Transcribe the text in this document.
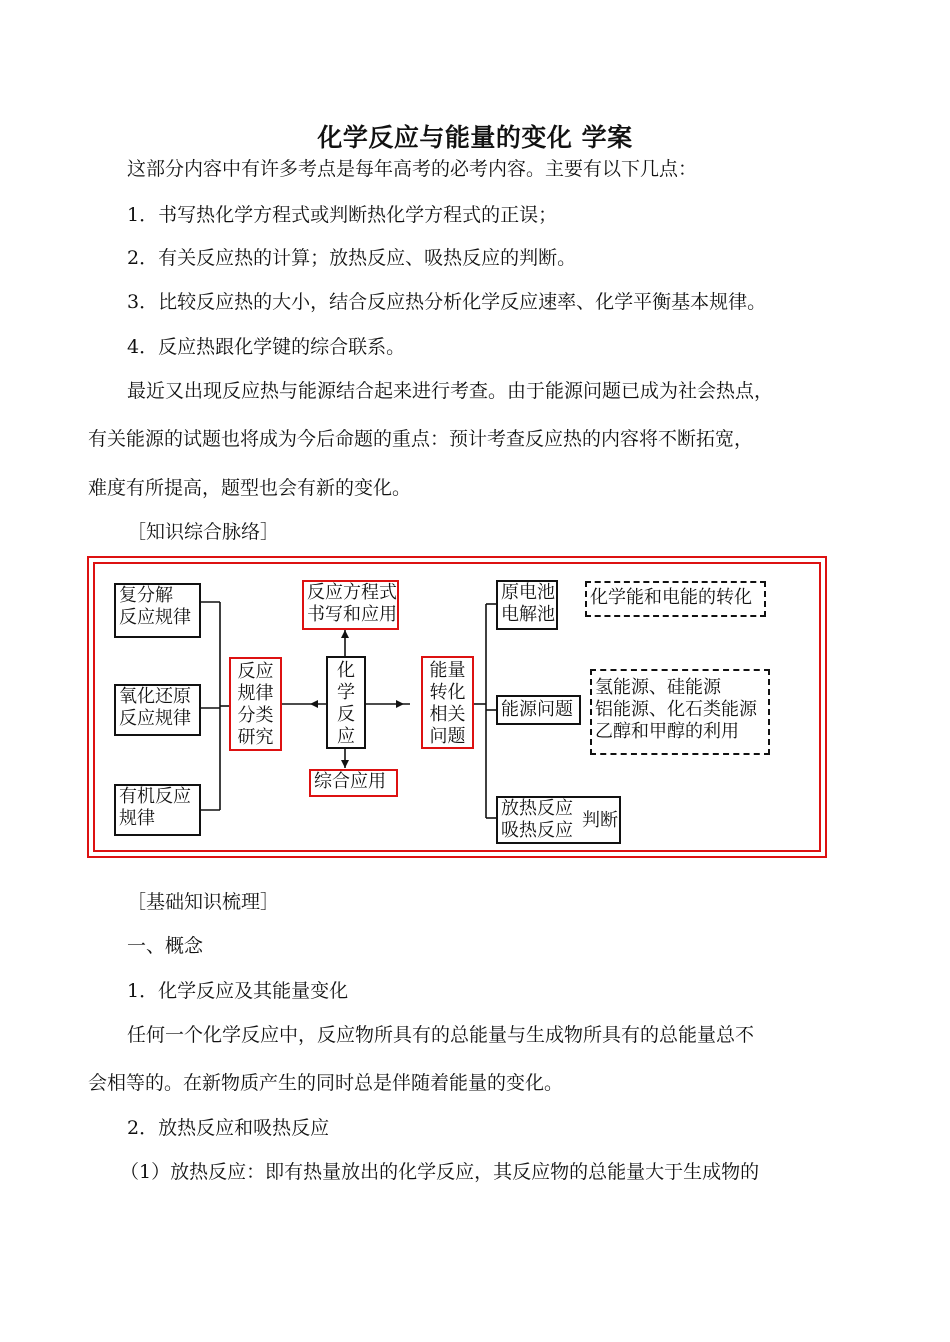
化学反应与能量的变化 学案
这部分内容中有许多考点是每年高考的必考内容。主要有以下几点：
1．书写热化学方程式或判断热化学方程式的正误；
2．有关反应热的计算；放热反应、吸热反应的判断。
3．比较反应热的大小，结合反应热分析化学反应速率、化学平衡基本规律。
4．反应热跟化学键的综合联系。
最近又出现反应热与能源结合起来进行考查。由于能源问题已成为社会热点，
有关能源的试题也将成为今后命题的重点：预计考查反应热的内容将不断拓宽，
难度有所提高，题型也会有新的变化。
［知识综合脉络］
复分解
反应规律
氧化还原
反应规律
有机反应
规律
反应
规律
分类
研究
反应方程式
书写和应用
化
学
反
应
综合应用
能量
转化
相关
问题
原电池
电解池
化学能和电能的转化
能源问题
氢能源、硅能源
铝能源、化石类能源
乙醇和甲醇的利用
放热反应
吸热反应 判断
［基础知识梳理］
一、概念
1．化学反应及其能量变化
任何一个化学反应中，反应物所具有的总能量与生成物所具有的总能量总不
会相等的。在新物质产生的同时总是伴随着能量的变化。
2．放热反应和吸热反应
（1）放热反应：即有热量放出的化学反应，其反应物的总能量大于生成物的
